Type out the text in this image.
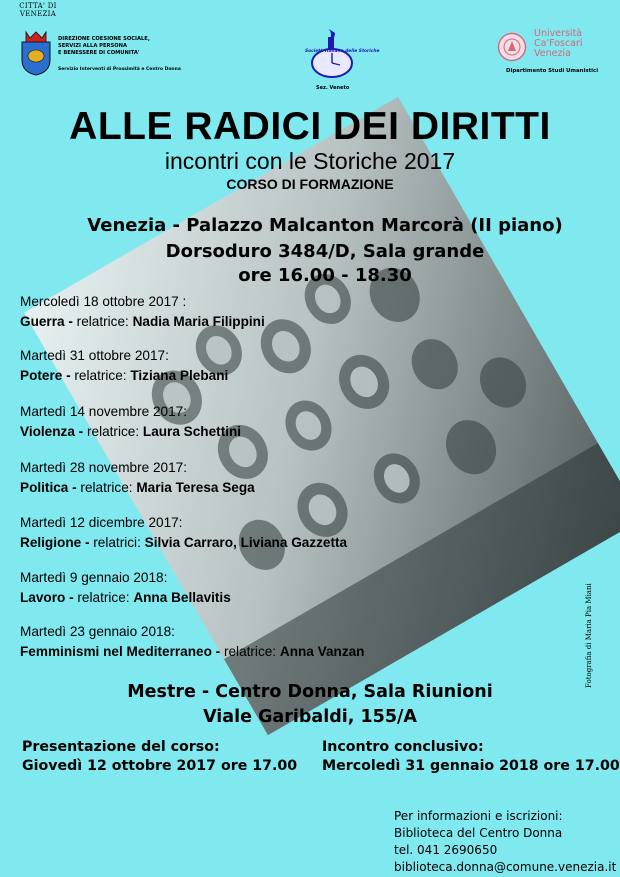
CITTA' DI VENEZIA
DIREZIONE COESIONE SOCIALE,
SERVIZI ALLA PERSONA
E BENESSERE DI COMUNITA'
Servizio Interventi di Prossimità e Centro Donna
Società Italiana delle Storiche
Sez. Veneto
Università
Ca'Foscari
Venezia
Dipartimento Studi Umanistici
Fotografia di Maria Pia Miani
ALLE RADICI DEI DIRITTI
incontri con le Storiche 2017
CORSO DI FORMAZIONE
Venezia - Palazzo Malcanton Marcorà (II piano)
Dorsoduro 3484/D, Sala grande
ore 16.00 - 18.30
Mercoledì 18 ottobre 2017 :
Guerra - relatrice: Nadia Maria Filippini
Martedì 31 ottobre 2017:
Potere - relatrice: Tiziana Plebani
Martedì 14 novembre 2017:
Violenza - relatrice: Laura Schettini
Martedì 28 novembre 2017:
Politica - relatrice: Maria Teresa Sega
Martedì 12 dicembre 2017:
Religione - relatrici: Silvia Carraro, Liviana Gazzetta
Martedì 9 gennaio 2018:
Lavoro - relatrice: Anna Bellavitis
Martedì 23 gennaio 2018:
Femminismi nel Mediterraneo - relatrice: Anna Vanzan
Mestre - Centro Donna, Sala Riunioni
Viale Garibaldi, 155/A
Presentazione del corso:
Giovedì 12 ottobre 2017 ore 17.00
Incontro conclusivo:
Mercoledì 31 gennaio 2018 ore 17.00
Per informazioni e iscrizioni:
Biblioteca del Centro Donna
tel. 041 2690650
biblioteca.donna@comune.venezia.it
